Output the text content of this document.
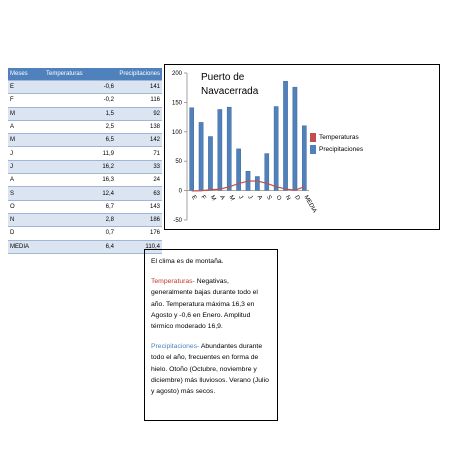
Meses	Temperaturas	Precipitaciones
E	-0,6	141
F	-0,2	116
M	1,5	92
A	2,5	138
M	6,5	142
J	11,9	71
J	16,2	33
A	16,3	24
S	12,4	63
O	6,7	143
N	2,8	186
D	0,7	176
MEDIA	6,4	110,4
-50
0
50
100
150
200
E F M A M J J A S O N D MEDIA
Puerto de
Navacerrada
Temperaturas
Precipitaciones

El clima es de montaña.

Temperaturas- Negativas, generalmente bajas durante todo el año. Temperatura máxima 16,3 en Agosto y -0,6 en Enero. Amplitud térmico moderado 16,9.

Precipitaciones- Abundantes durante todo el año, frecuentes en forma de hielo. Otoño (Octubre, noviembre y diciembre) más lluviosos. Verano (Julio y agosto) más secos.
